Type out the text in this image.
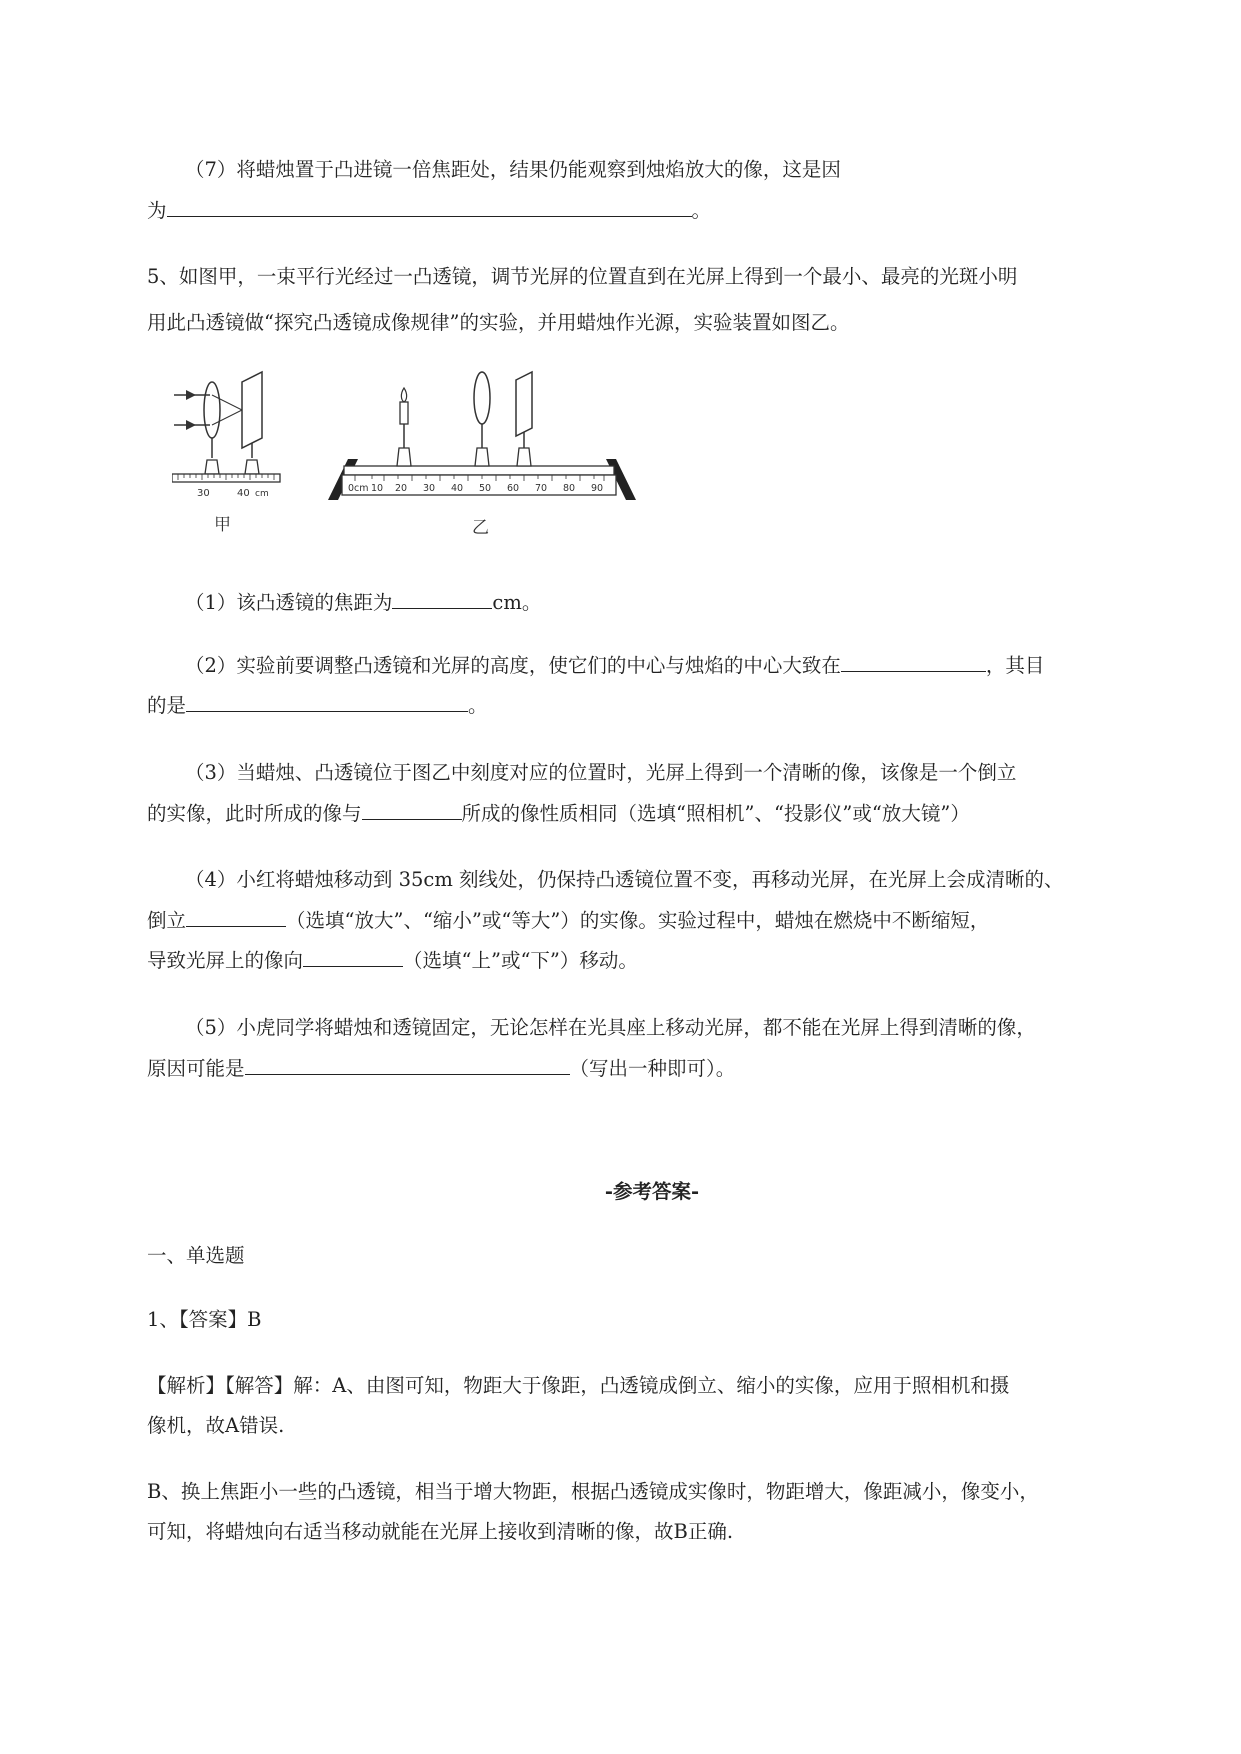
（7）将蜡烛置于凸进镜一倍焦距处，结果仍能观察到烛焰放大的像，这是因

为	。

5、如图甲，一束平行光经过一凸透镜，调节光屏的位置直到在光屏上得到一个最小、最亮的光斑小明

用此凸透镜做“探究凸透镜成像规律”的实验，并用蜡烛作光源，实验装置如图乙。

30	40 cm
甲
0cm 10 20 30 40 50 60 70 80 90
乙

（1）该凸透镜的焦距为	cm。

（2）实验前要调整凸透镜和光屏的高度，使它们的中心与烛焰的中心大致在	，其目

的是	。

（3）当蜡烛、凸透镜位于图乙中刻度对应的位置时，光屏上得到一个清晰的像，该像是一个倒立

的实像，此时所成的像与	所成的像性质相同（选填“照相机”、“投影仪”或“放大镜”）

（4）小红将蜡烛移动到 35cm 刻线处，仍保持凸透镜位置不变，再移动光屏，在光屏上会成清晰的、

倒立	（选填“放大”、“缩小”或“等大”）的实像。实验过程中，蜡烛在燃烧中不断缩短，

导致光屏上的像向	（选填“上”或“下”）移动。

（5）小虎同学将蜡烛和透镜固定，无论怎样在光具座上移动光屏，都不能在光屏上得到清晰的像，

原因可能是	（写出一种即可）。

-参考答案-

一、单选题

1、【答案】B

【解析】【解答】解：A、由图可知，物距大于像距，凸透镜成倒立、缩小的实像，应用于照相机和摄

像机，故A错误.

B、换上焦距小一些的凸透镜，相当于增大物距，根据凸透镜成实像时，物距增大，像距减小，像变小，

可知，将蜡烛向右适当移动就能在光屏上接收到清晰的像，故B正确.
